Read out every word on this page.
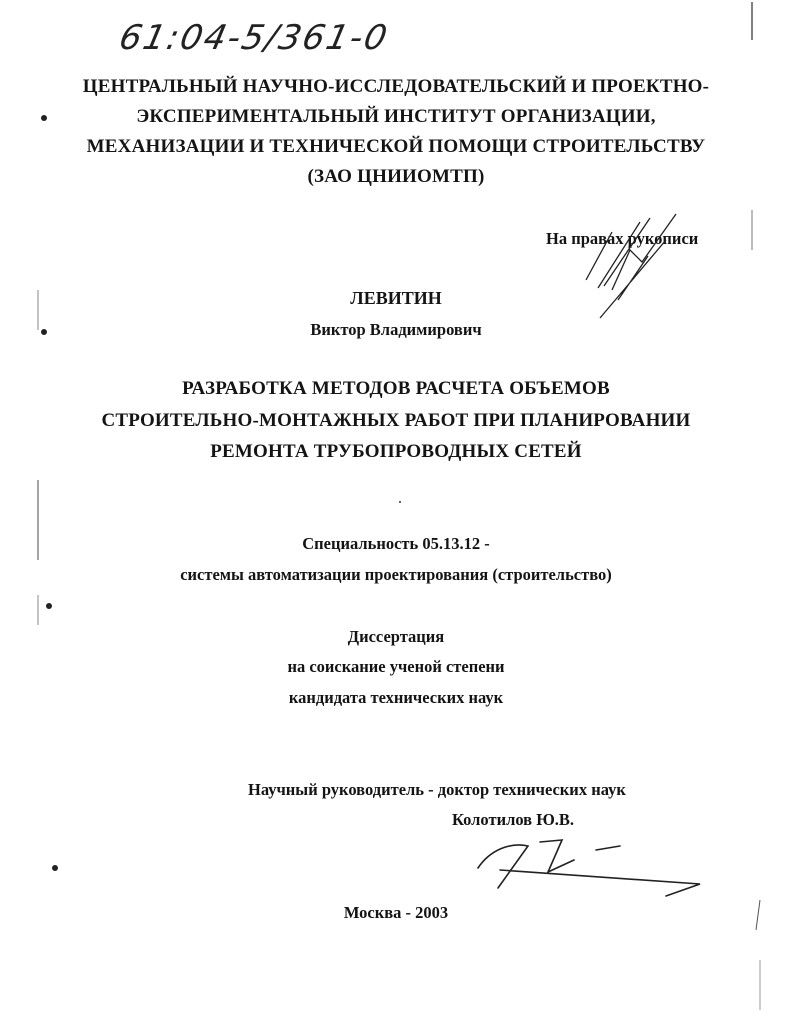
61:04-5/361-0
ЦЕНТРАЛЬНЫЙ НАУЧНО-ИССЛЕДОВАТЕЛЬСКИЙ И ПРОЕКТНО-
ЭКСПЕРИМЕНТАЛЬНЫЙ ИНСТИТУТ ОРГАНИЗАЦИИ,
МЕХАНИЗАЦИИ И ТЕХНИЧЕСКОЙ ПОМОЩИ СТРОИТЕЛЬСТВУ
(ЗАО ЦНИИОМТП)
На правах рукописи
ЛЕВИТИН
Виктор Владимирович
РАЗРАБОТКА МЕТОДОВ РАСЧЕТА ОБЪЕМОВ
СТРОИТЕЛЬНО-МОНТАЖНЫХ РАБОТ ПРИ ПЛАНИРОВАНИИ
РЕМОНТА ТРУБОПРОВОДНЫХ СЕТЕЙ
Специальность 05.13.12 -
системы автоматизации проектирования (строительство)
Диссертация
на соискание ученой степени
кандидата технических наук
Научный руководитель - доктор технических наук
Колотилов Ю.В.
Москва - 2003
